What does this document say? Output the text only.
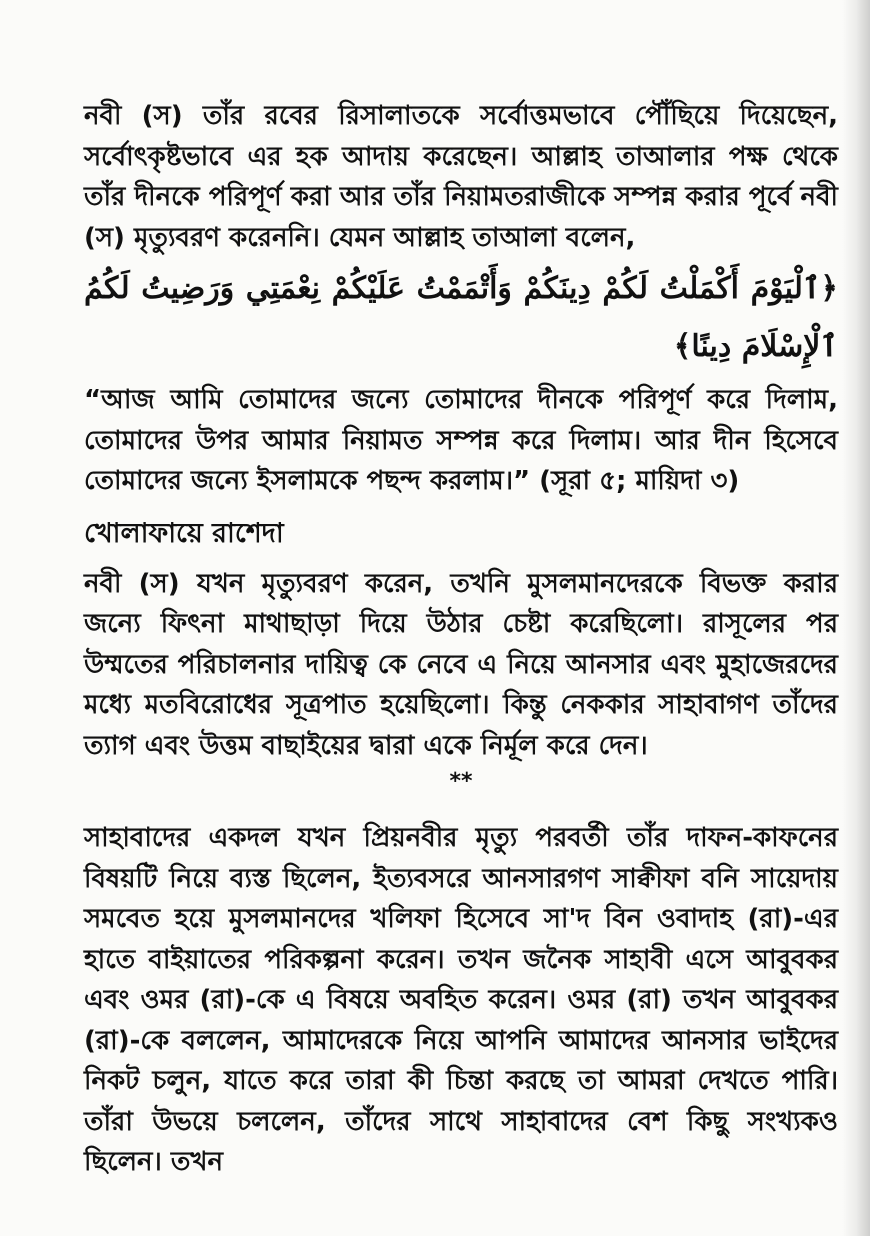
নবী (স) তাঁর রবের রিসালাতকে সর্বোত্তমভাবে পৌঁছিয়ে দিয়েছেন, সর্বোৎকৃষ্টভাবে এর হক আদায় করেছেন। আল্লাহ তাআলার পক্ষ থেকে তাঁর দীনকে পরিপূর্ণ করা আর তাঁর নিয়ামতরাজীকে সম্পন্ন করার পূর্বে নবী (স) মৃত্যুবরণ করেননি। যেমন আল্লাহ তাআলা বলেন,

﴿ٱلْيَوْمَ أَكْمَلْتُ لَكُمْ دِينَكُمْ وَأَتْمَمْتُ عَلَيْكُمْ نِعْمَتِي وَرَضِيتُ لَكُمُ ٱلْإِسْلَامَ دِينًا﴾

“আজ আমি তোমাদের জন্যে তোমাদের দীনকে পরিপূর্ণ করে দিলাম, তোমাদের উপর আমার নিয়ামত সম্পন্ন করে দিলাম। আর দীন হিসেবে তোমাদের জন্যে ইসলামকে পছন্দ করলাম।” (সূরা ৫; মায়িদা ৩)

খোলাফায়ে রাশেদা

নবী (স) যখন মৃত্যুবরণ করেন, তখনি মুসলমানদেরকে বিভক্ত করার জন্যে ফিৎনা মাথাছাড়া দিয়ে উঠার চেষ্টা করেছিলো। রাসূলের পর উম্মতের পরিচালনার দায়িত্ব কে নেবে এ নিয়ে আনসার এবং মুহাজেরদের মধ্যে মতবিরোধের সূত্রপাত হয়েছিলো। কিন্তু নেককার সাহাবাগণ তাঁদের ত্যাগ এবং উত্তম বাছাইয়ের দ্বারা একে নির্মূল করে দেন।

**

সাহাবাদের একদল যখন প্রিয়নবীর মৃত্যু পরবর্তী তাঁর দাফন-কাফনের বিষয়টি নিয়ে ব্যস্ত ছিলেন, ইত্যবসরে আনসারগণ সাক্বীফা বনি সায়েদায় সমবেত হয়ে মুসলমানদের খলিফা হিসেবে সা'দ বিন ওবাদাহ (রা)-এর হাতে বাইয়াতের পরিকল্পনা করেন। তখন জনৈক সাহাবী এসে আবুবকর এবং ওমর (রা)-কে এ বিষয়ে অবহিত করেন। ওমর (রা) তখন আবুবকর (রা)-কে বললেন, আমাদেরকে নিয়ে আপনি আমাদের আনসার ভাইদের নিকট চলুন, যাতে করে তারা কী চিন্তা করছে তা আমরা দেখতে পারি। তাঁরা উভয়ে চললেন, তাঁদের সাথে সাহাবাদের বেশ কিছু সংখ্যকও ছিলেন। তখন
